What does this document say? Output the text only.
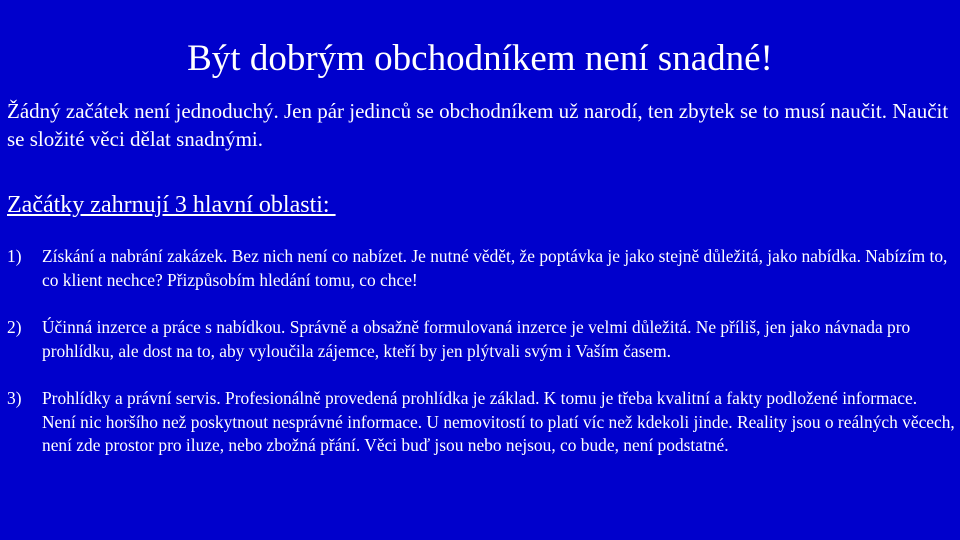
Být dobrým obchodníkem není snadné!
Žádný začátek není jednoduchý. Jen pár jedinců se obchodníkem už narodí, ten zbytek se to musí naučit. Naučit se složité věci dělat snadnými.
Začátky zahrnují 3 hlavní oblasti:
1)	Získání a nabrání zakázek. Bez nich není co nabízet. Je nutné vědět, že poptávka je jako stejně důležitá, jako nabídka. Nabízím to, co klient nechce? Přizpůsobím hledání tomu, co chce!
2)	Účinná inzerce a práce s nabídkou. Správně a obsažně formulovaná inzerce je velmi důležitá. Ne příliš, jen jako návnada pro prohlídku, ale dost na to, aby vyloučila zájemce, kteří by jen plýtvali svým i Vaším časem.
3)	Prohlídky a právní servis. Profesionálně provedená prohlídka je základ. K tomu je třeba kvalitní a fakty podložené informace. Není nic horšího než poskytnout nesprávné informace. U nemovitostí to platí víc než kdekoli jinde. Reality jsou o reálných věcech, není zde prostor pro iluze, nebo zbožná přání. Věci buď jsou nebo nejsou, co bude, není podstatné.
